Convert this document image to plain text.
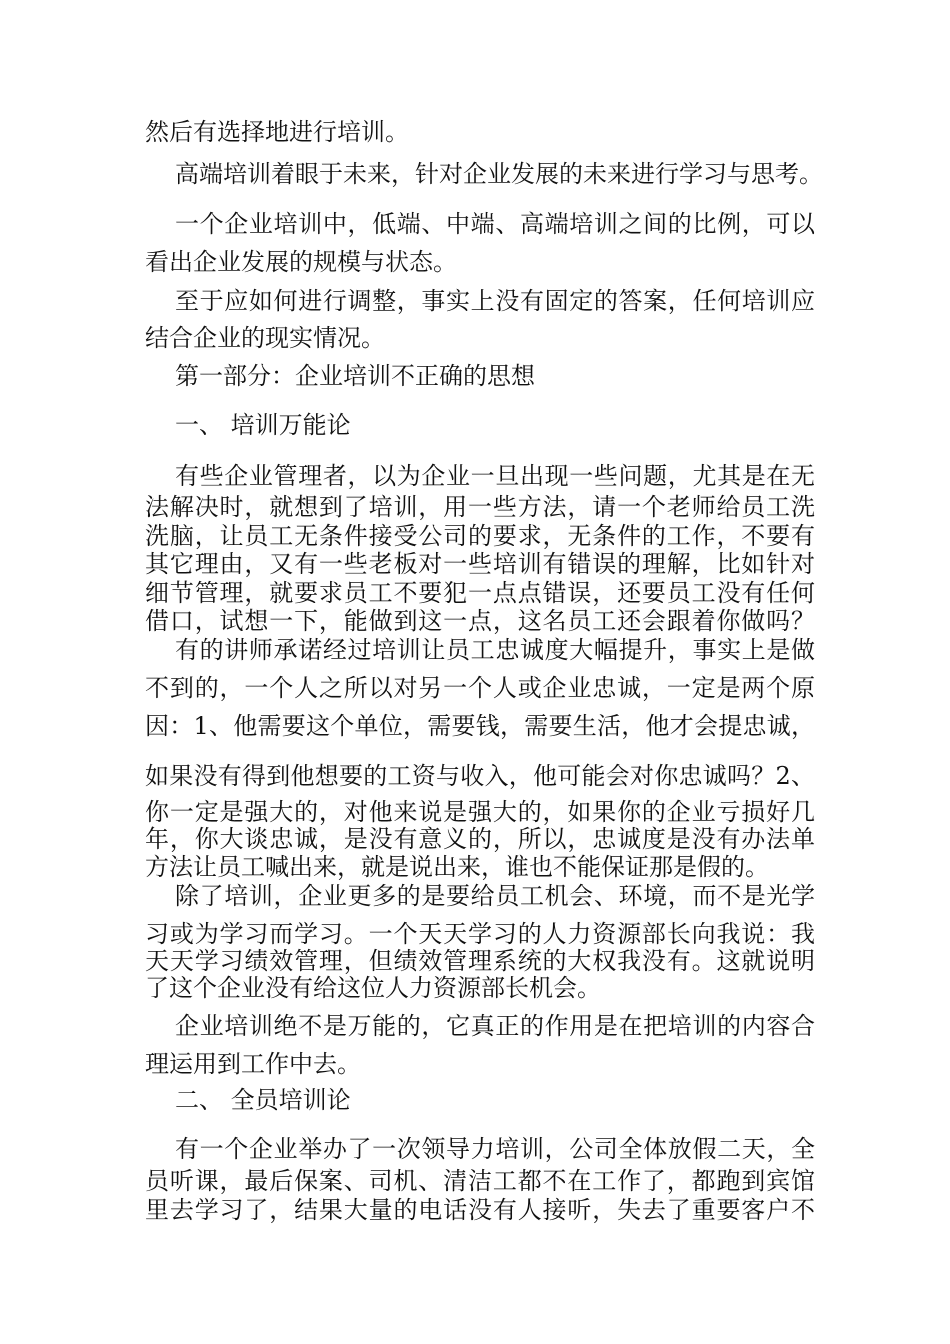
然后有选择地进行培训。
高端培训着眼于未来，针对企业发展的未来进行学习与思考。
一个企业培训中，低端、中端、高端培训之间的比例，可以
看出企业发展的规模与状态。
至于应如何进行调整，事实上没有固定的答案，任何培训应
结合企业的现实情况。
第一部分：企业培训不正确的思想
一、 培训万能论
有些企业管理者，以为企业一旦出现一些问题，尤其是在无
法解决时，就想到了培训，用一些方法，请一个老师给员工洗
洗脑，让员工无条件接受公司的要求，无条件的工作，不要有
其它理由，又有一些老板对一些培训有错误的理解，比如针对
细节管理，就要求员工不要犯一点点错误，还要员工没有任何
借口，试想一下，能做到这一点，这名员工还会跟着你做吗？
有的讲师承诺经过培训让员工忠诚度大幅提升，事实上是做
不到的，一个人之所以对另一个人或企业忠诚，一定是两个原
因：1、他需要这个单位，需要钱，需要生活，他才会提忠诚，
如果没有得到他想要的工资与收入，他可能会对你忠诚吗？2、
你一定是强大的，对他来说是强大的，如果你的企业亏损好几
年，你大谈忠诚，是没有意义的，所以，忠诚度是没有办法单
方法让员工喊出来，就是说出来，谁也不能保证那是假的。
除了培训，企业更多的是要给员工机会、环境，而不是光学
习或为学习而学习。一个天天学习的人力资源部长向我说：我
天天学习绩效管理，但绩效管理系统的大权我没有。这就说明
了这个企业没有给这位人力资源部长机会。
企业培训绝不是万能的，它真正的作用是在把培训的内容合
理运用到工作中去。
二、 全员培训论
有一个企业举办了一次领导力培训，公司全体放假二天，全
员听课，最后保案、司机、清洁工都不在工作了，都跑到宾馆
里去学习了，结果大量的电话没有人接听，失去了重要客户不
